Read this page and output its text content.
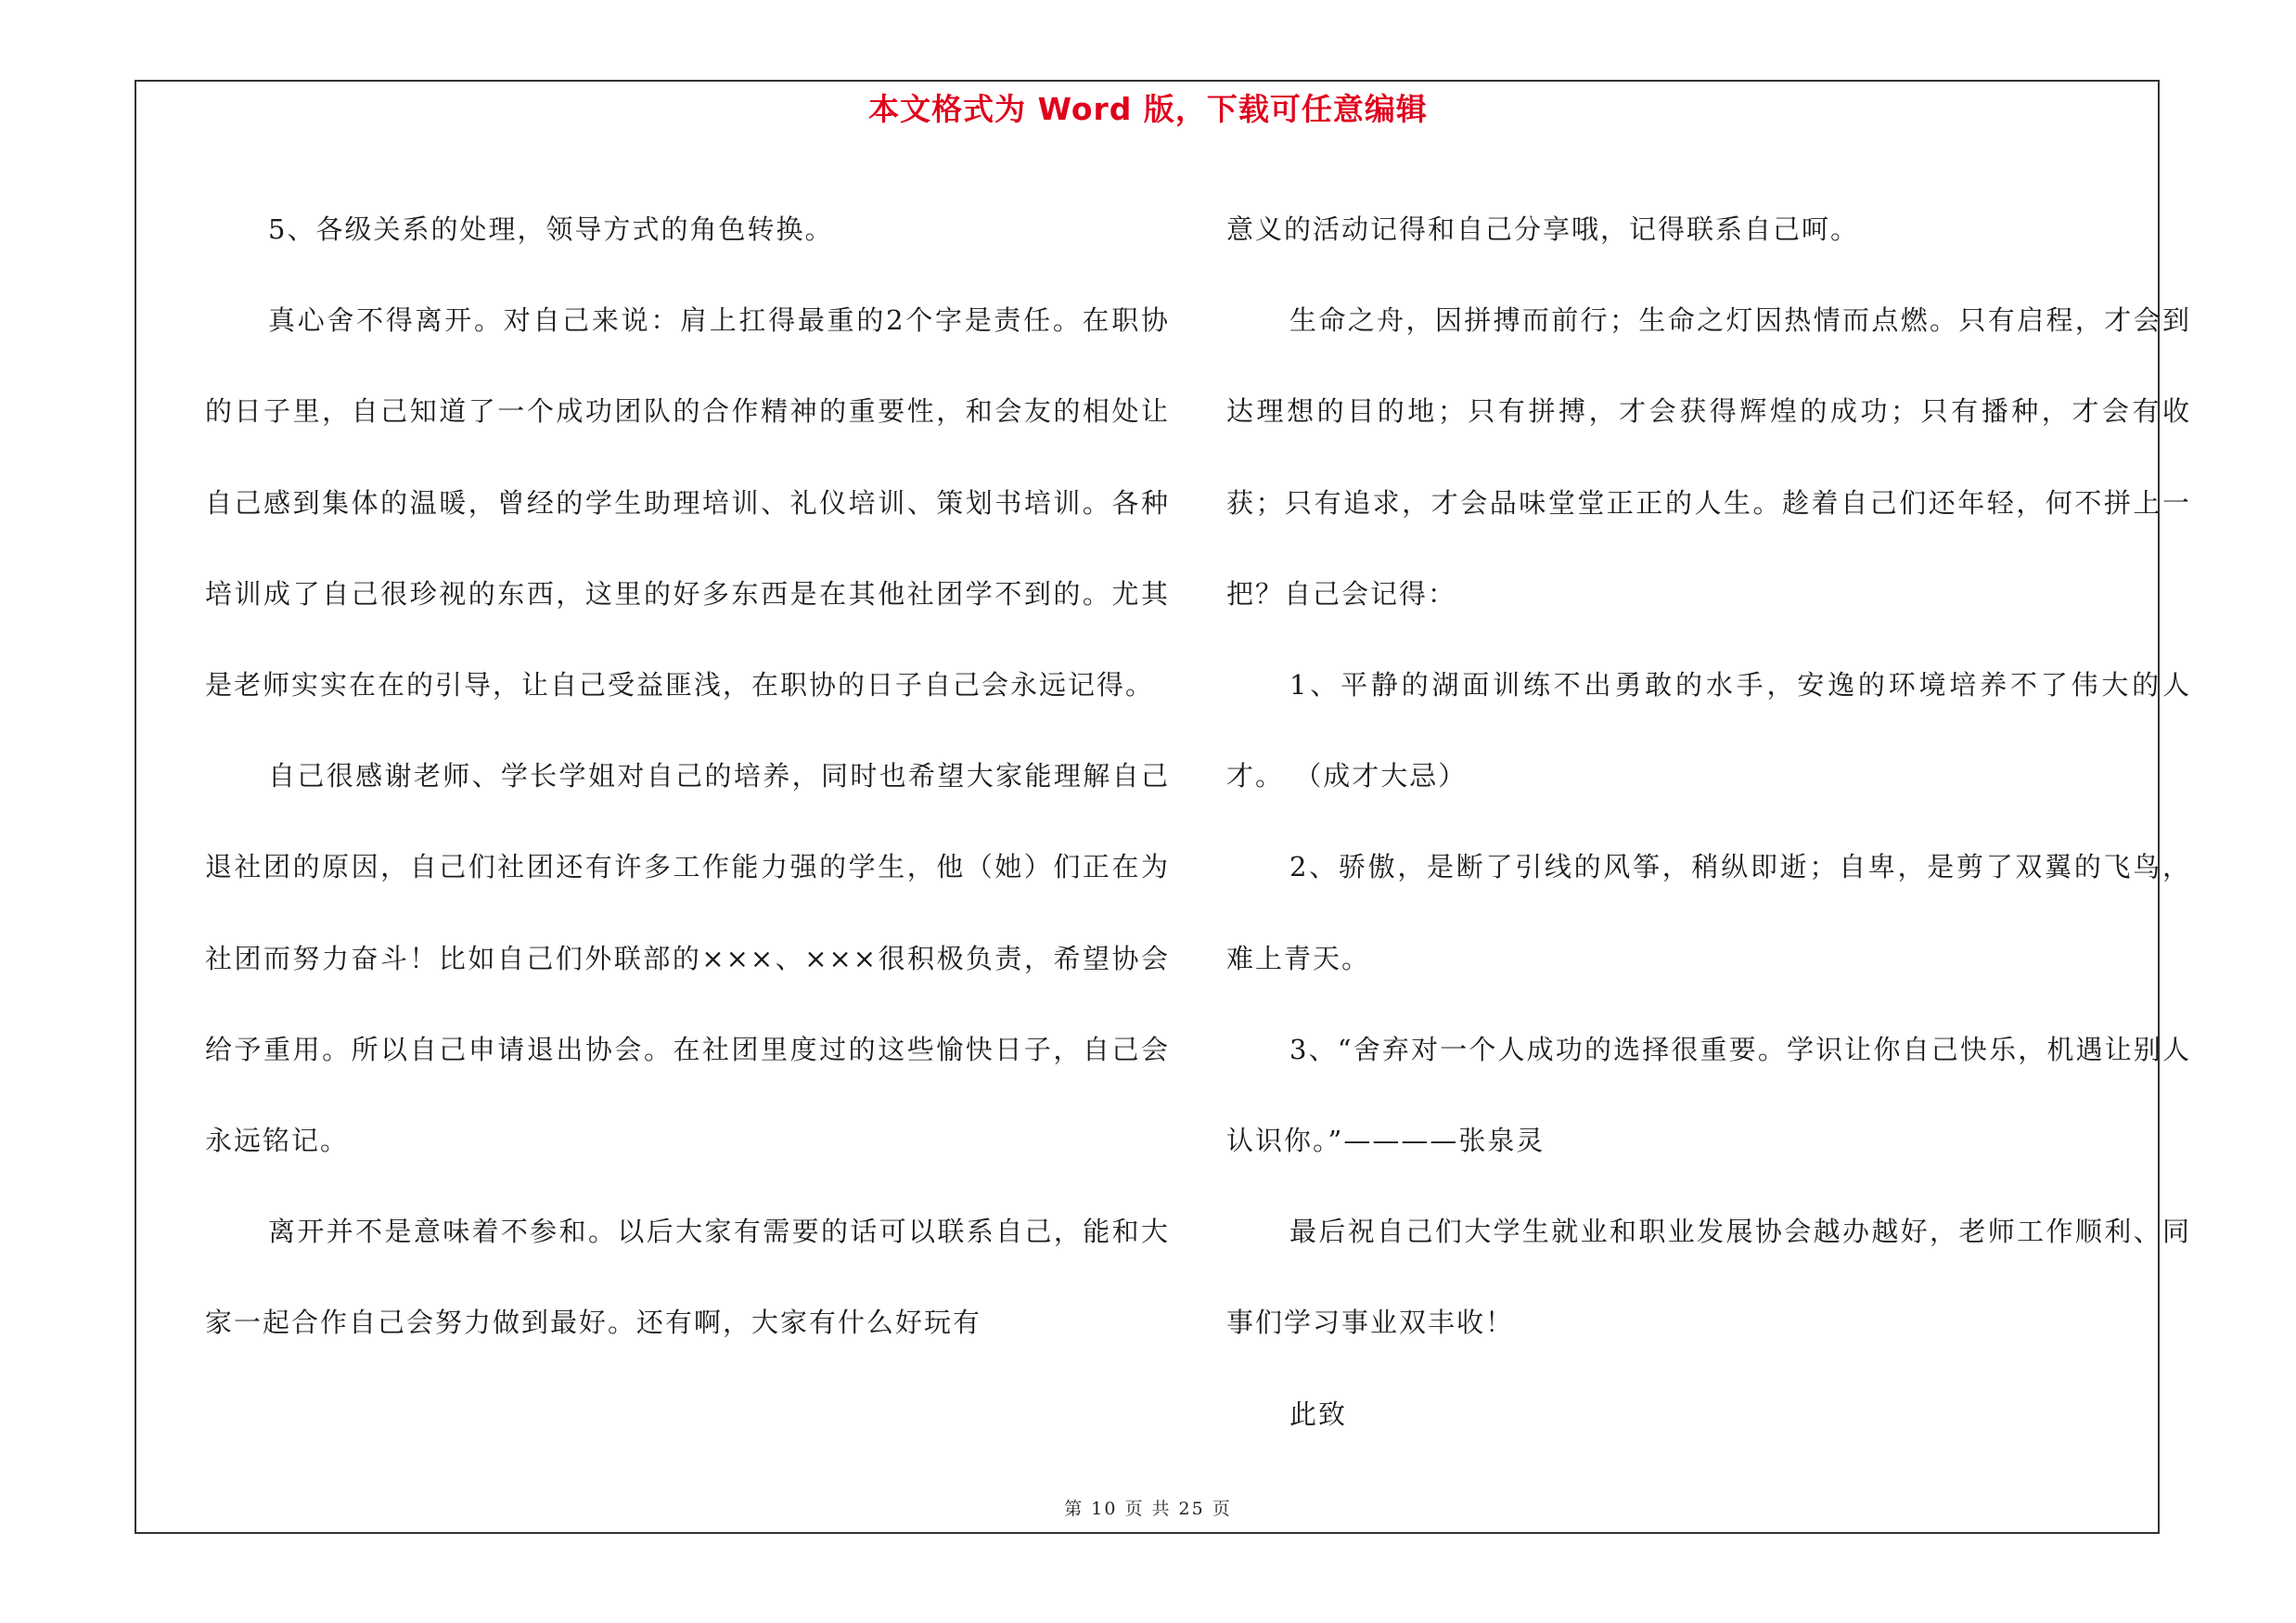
本文格式为 Word 版，下载可任意编辑

5、各级关系的处理，领导方式的角色转换。

真心舍不得离开。对自己来说：肩上扛得最重的2个字是责任。在职协的日子里，自己知道了一个成功团队的合作精神的重要性，和会友的相处让自己感到集体的温暖，曾经的学生助理培训、礼仪培训、策划书培训。各种培训成了自己很珍视的东西，这里的好多东西是在其他社团学不到的。尤其是老师实实在在的引导，让自己受益匪浅，在职协的日子自己会永远记得。

自己很感谢老师、学长学姐对自己的培养，同时也希望大家能理解自己退社团的原因，自己们社团还有许多工作能力强的学生，他（她）们正在为社团而努力奋斗！比如自己们外联部的×××、×××很积极负责，希望协会给予重用。所以自己申请退出协会。在社团里度过的这些愉快日子，自己会永远铭记。

离开并不是意味着不参和。以后大家有需要的话可以联系自己，能和大家一起合作自己会努力做到最好。还有啊，大家有什么好玩有

意义的活动记得和自己分享哦，记得联系自己呵。

生命之舟，因拼搏而前行；生命之灯因热情而点燃。只有启程，才会到达理想的目的地；只有拼搏，才会获得辉煌的成功；只有播种，才会有收获；只有追求，才会品味堂堂正正的人生。趁着自己们还年轻，何不拼上一把？自己会记得：

1、平静的湖面训练不出勇敢的水手，安逸的环境培养不了伟大的人才。 （成才大忌）

2、骄傲，是断了引线的风筝，稍纵即逝；自卑，是剪了双翼的飞鸟，难上青天。

3、“舍弃对一个人成功的选择很重要。学识让你自己快乐，机遇让别人认识你。”————张泉灵

最后祝自己们大学生就业和职业发展协会越办越好，老师工作顺利、同事们学习事业双丰收！

此致

第 10 页 共 25 页
